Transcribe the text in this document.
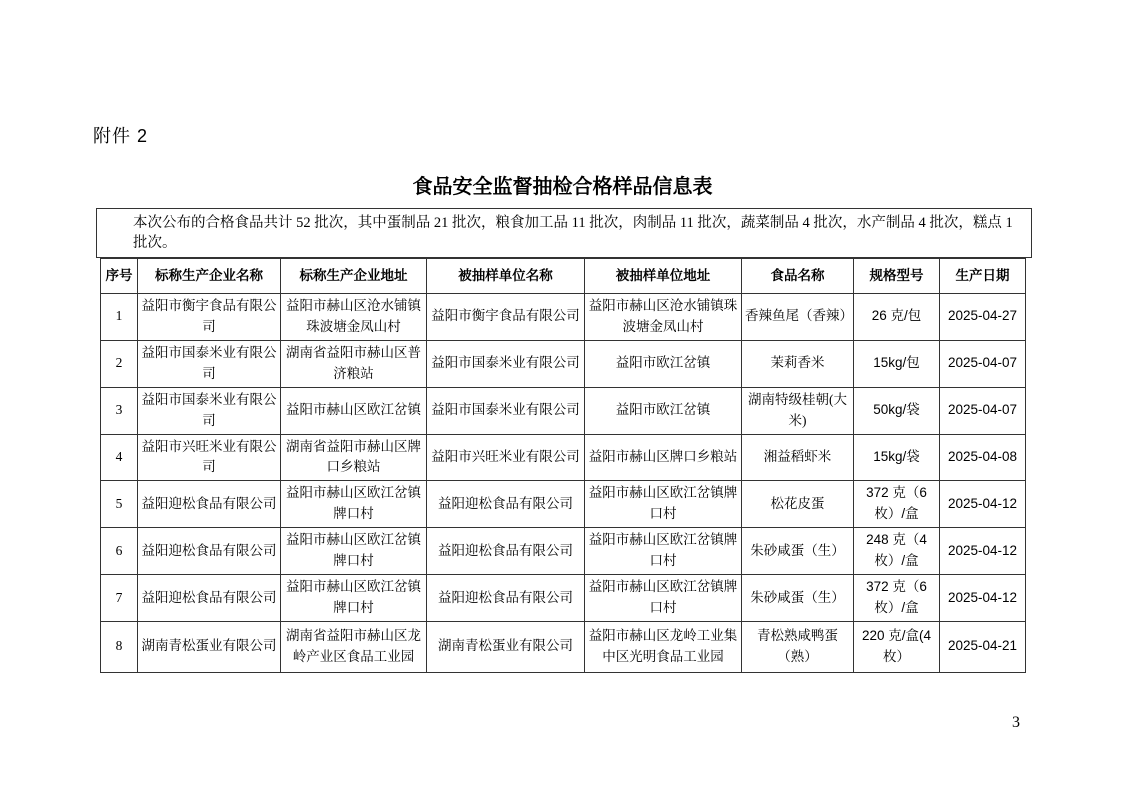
附件 2
食品安全监督抽检合格样品信息表
本次公布的合格食品共计 52 批次，其中蛋制品 21 批次，粮食加工品 11 批次，肉制品 11 批次，蔬菜制品 4 批次，水产制品 4 批次，糕点 1 批次。
序号	标称生产企业名称	标称生产企业地址	被抽样单位名称	被抽样单位地址	食品名称	规格型号	生产日期
1	益阳市衡宇食品有限公司	益阳市赫山区沧水铺镇珠波塘金凤山村	益阳市衡宇食品有限公司	益阳市赫山区沧水铺镇珠波塘金凤山村	香辣鱼尾（香辣）	26 克/包	2025-04-27
2	益阳市国泰米业有限公司	湖南省益阳市赫山区普济粮站	益阳市国泰米业有限公司	益阳市欧江岔镇	茉莉香米	15kg/包	2025-04-07
3	益阳市国泰米业有限公司	益阳市赫山区欧江岔镇	益阳市国泰米业有限公司	益阳市欧江岔镇	湖南特级桂朝(大米)	50kg/袋	2025-04-07
4	益阳市兴旺米业有限公司	湖南省益阳市赫山区牌口乡粮站	益阳市兴旺米业有限公司	益阳市赫山区牌口乡粮站	湘益稻虾米	15kg/袋	2025-04-08
5	益阳迎松食品有限公司	益阳市赫山区欧江岔镇牌口村	益阳迎松食品有限公司	益阳市赫山区欧江岔镇牌口村	松花皮蛋	372 克（6 枚）/盒	2025-04-12
6	益阳迎松食品有限公司	益阳市赫山区欧江岔镇牌口村	益阳迎松食品有限公司	益阳市赫山区欧江岔镇牌口村	朱砂咸蛋（生）	248 克（4 枚）/盒	2025-04-12
7	益阳迎松食品有限公司	益阳市赫山区欧江岔镇牌口村	益阳迎松食品有限公司	益阳市赫山区欧江岔镇牌口村	朱砂咸蛋（生）	372 克（6 枚）/盒	2025-04-12
8	湖南青松蛋业有限公司	湖南省益阳市赫山区龙岭产业区食品工业园	湖南青松蛋业有限公司	益阳市赫山区龙岭工业集中区光明食品工业园	青松熟咸鸭蛋（熟）	220 克/盒(4 枚）	2025-04-21
3
